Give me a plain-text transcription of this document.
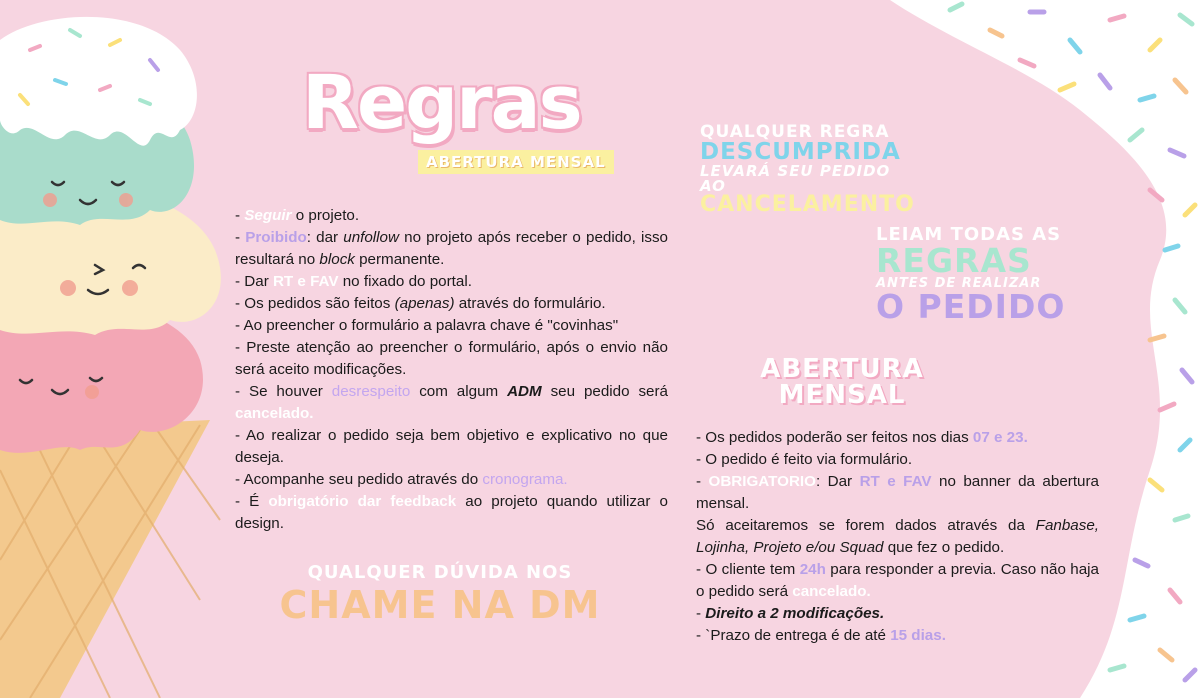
Regras
ABERTURA MENSAL

- Seguir o projeto.

- Proibido: dar unfollow no projeto após receber o pedido, isso resultará no block permanente.

- Dar RT e FAV no fixado do portal.

- Os pedidos são feitos (apenas) através do formulário.

- Ao preencher o formulário a palavra chave é "covinhas"

- Preste atenção ao preencher o formulário, após o envio não será aceito modificações.

- Se houver desrespeito com algum ADM seu pedido será cancelado.

- Ao realizar o pedido seja bem objetivo e explicativo no que deseja.

- Acompanhe seu pedido através do cronograma.

- É obrigatório dar feedback ao projeto quando utilizar o design.

QUALQUER DÚVIDA NOS
CHAME NA DM
QUALQUER REGRA
DESCUMPRIDA
LEVARÁ SEU PEDIDO AO
CANCELAMENTO
LEIAM TODAS AS
REGRAS
ANTES DE REALIZAR
O PEDIDO
ABERTURA
MENSAL

- Os pedidos poderão ser feitos nos dias 07 e 23.

- O pedido é feito via formulário.

- OBRIGATORIO: Dar RT e FAV no banner da abertura mensal.

Só aceitaremos se forem dados através da Fanbase, Lojinha, Projeto e/ou Squad que fez o pedido.

- O cliente tem 24h para responder a previa. Caso não haja o pedido será cancelado.

- Direito a 2 modificações.

- `Prazo de entrega é de até 15 dias.
